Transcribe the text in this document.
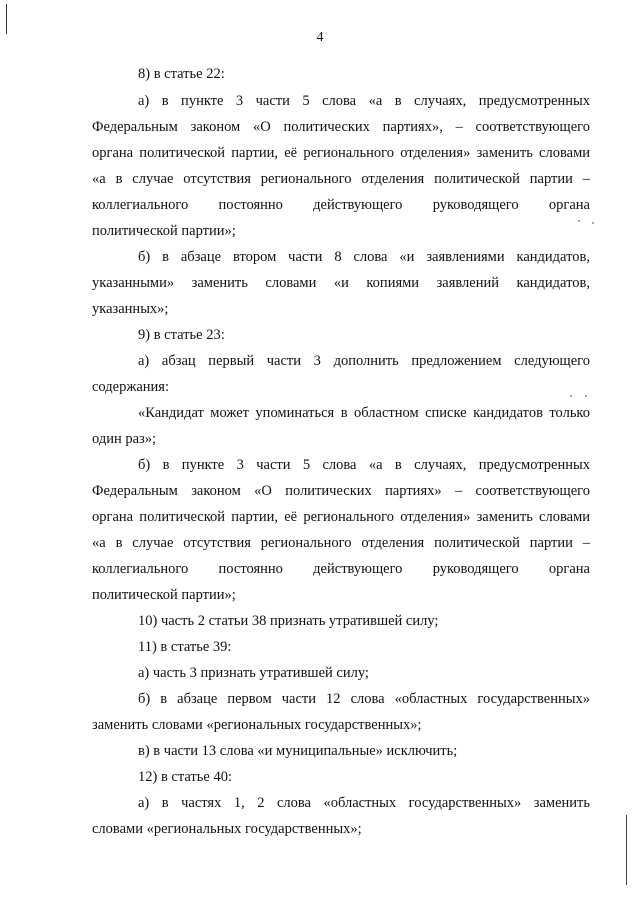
4
8) в статье 22:
а) в пункте 3 части 5 слова «а в случаях, предусмотренных
Федеральным законом «О политических партиях», – соответствующего
органа политической партии, её регионального отделения» заменить словами
«а в случае отсутствия регионального отделения политической партии –
коллегиального постоянно действующего руководящего органа
политической партии»;
б) в абзаце втором части 8 слова «и заявлениями кандидатов,
указанными» заменить словами «и копиями заявлений кандидатов,
указанных»;
9) в статье 23:
а) абзац первый части 3 дополнить предложением следующего
содержания:
«Кандидат может упоминаться в областном списке кандидатов только
один раз»;
б) в пункте 3 части 5 слова «а в случаях, предусмотренных
Федеральным законом «О политических партиях» – соответствующего
органа политической партии, её регионального отделения» заменить словами
«а в случае отсутствия регионального отделения политической партии –
коллегиального постоянно действующего руководящего органа
политической партии»;
10) часть 2 статьи 38 признать утратившей силу;
11) в статье 39:
а) часть 3 признать утратившей силу;
б) в абзаце первом части 12 слова «областных государственных»
заменить словами «региональных государственных»;
в) в части 13 слова «и муниципальные» исключить;
12) в статье 40:
а) в частях 1, 2 слова «областных государственных» заменить
словами «региональных государственных»;
